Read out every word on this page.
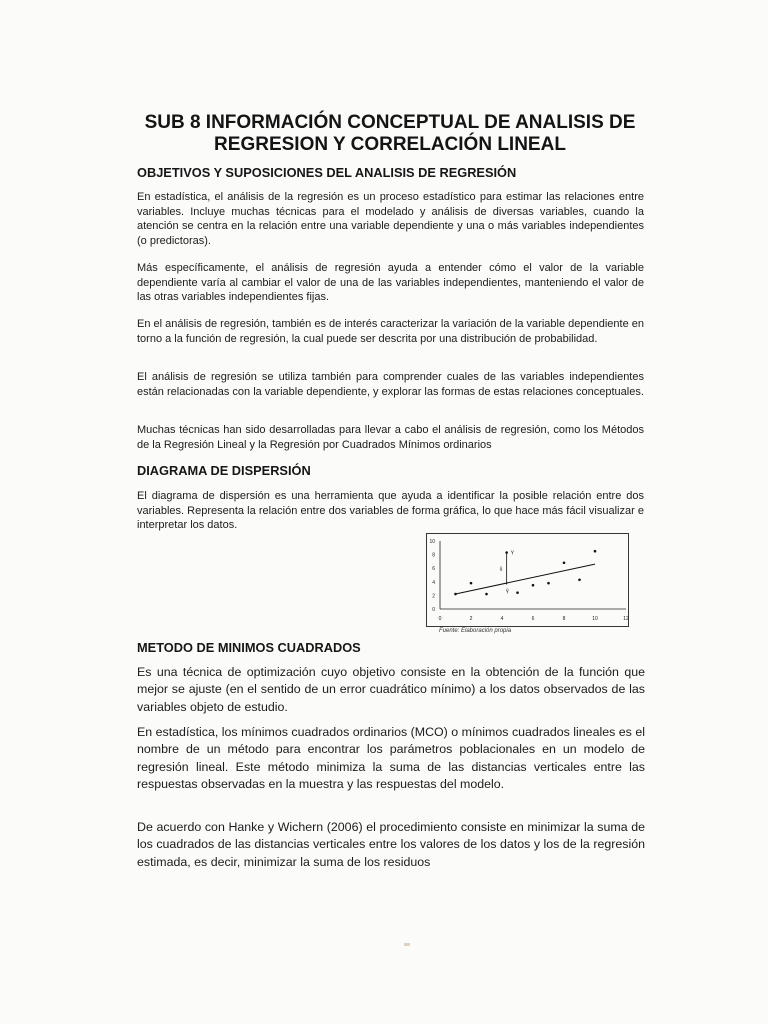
SUB 8 INFORMACIÓN CONCEPTUAL DE ANALISIS DE
REGRESION Y CORRELACIÓN LINEAL
OBJETIVOS Y SUPOSICIONES DEL ANALISIS DE REGRESIÓN
En estadística, el análisis de la regresión es un proceso estadístico para estimar las relaciones entre variables. Incluye muchas técnicas para el modelado y análisis de diversas variables, cuando la atención se centra en la relación entre una variable dependiente y una o más variables independientes (o predictoras).
Más específicamente, el análisis de regresión ayuda a entender cómo el valor de la variable dependiente varía al cambiar el valor de una de las variables independientes, manteniendo el valor de las otras variables independientes fijas.
En el análisis de regresión, también es de interés caracterizar la variación de la variable dependiente en torno a la función de regresión, la cual puede ser descrita por una distribución de probabilidad.
El análisis de regresión se utiliza también para comprender cuales de las variables independientes están relacionadas con la variable dependiente, y explorar las formas de estas relaciones conceptuales.
Muchas técnicas han sido desarrolladas para llevar a cabo el análisis de regresión, como los Métodos de la Regresión Lineal y la Regresión por Cuadrados Mínimos ordinarios
DIAGRAMA DE DISPERSIÓN
El diagrama de dispersión es una herramienta que ayuda a identificar la posible relación entre dos variables. Representa la relación entre dos variables de forma gráfica, lo que hace más fácil visualizar e interpretar los datos.
0	2	4	6	8	10	12
0
2
4
6
8
10
Y
û
Ŷ
Fuente: Elaboración propia
METODO DE MINIMOS CUADRADOS
Es una técnica de optimización cuyo objetivo consiste en la obtención de la función que mejor se ajuste (en el sentido de un error cuadrático mínimo) a los datos observados de las variables objeto de estudio.
En estadística, los mínimos cuadrados ordinarios (MCO) o mínimos cuadrados lineales es el nombre de un método para encontrar los parámetros poblacionales en un modelo de regresión lineal. Este método minimiza la suma de las distancias verticales entre las respuestas observadas en la muestra y las respuestas del modelo.
De acuerdo con Hanke y Wichern (2006) el procedimiento consiste en minimizar la suma de los cuadrados de las distancias verticales entre los valores de los datos y los de la regresión estimada, es decir, minimizar la suma de los residuos
